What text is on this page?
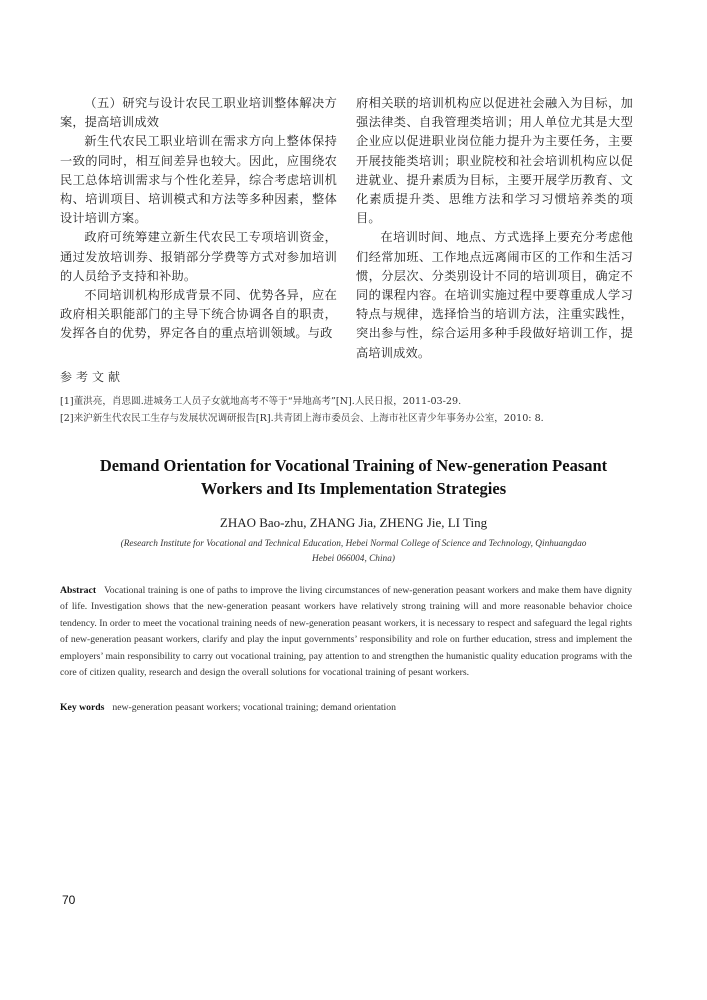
（五）研究与设计农民工职业培训整体解决方案，提高培训成效

新生代农民工职业培训在需求方向上整体保持一致的同时，相互间差异也较大。因此，应围绕农民工总体培训需求与个性化差异，综合考虑培训机构、培训项目、培训模式和方法等多种因素，整体设计培训方案。

政府可统筹建立新生代农民工专项培训资金，通过发放培训券、报销部分学费等方式对参加培训的人员给予支持和补助。

不同培训机构形成背景不同、优势各异，应在政府相关职能部门的主导下统合协调各自的职责，发挥各自的优势，界定各自的重点培训领域。与政

府相关联的培训机构应以促进社会融入为目标，加强法律类、自我管理类培训；用人单位尤其是大型企业应以促进职业岗位能力提升为主要任务，主要开展技能类培训；职业院校和社会培训机构应以促进就业、提升素质为目标，主要开展学历教育、文化素质提升类、思维方法和学习习惯培养类的项目。

在培训时间、地点、方式选择上要充分考虑他们经常加班、工作地点远离闹市区的工作和生活习惯，分层次、分类别设计不同的培训项目，确定不同的课程内容。在培训实施过程中要尊重成人学习特点与规律，选择恰当的培训方法，注重实践性，突出参与性，综合运用多种手段做好培训工作，提高培训成效。

参考文献
[1]董洪亮，肖思圆.进城务工人员子女就地高考不等于“异地高考”[N].人民日报，2011-03-29.
[2]来沪新生代农民工生存与发展状况调研报告[R].共青团上海市委员会、上海市社区青少年事务办公室，2010: 8.
Demand Orientation for Vocational Training of New-generation Peasant
Workers and Its Implementation Strategies
ZHAO Bao-zhu, ZHANG Jia, ZHENG Jie, LI Ting
(Research Institute for Vocational and Technical Education, Hebei Normal College of Science and Technology, Qinhuangdao
Hebei 066004, China)
Abstract Vocational training is one of paths to improve the living circumstances of new-generation peasant workers and make them have dignity of life. Investigation shows that the new-generation peasant workers have relatively strong training will and more reasonable behavior choice tendency. In order to meet the vocational training needs of new-generation peasant workers, it is necessary to respect and safeguard the legal rights of new-generation peasant workers, clarify and play the input governments’ responsibility and role on further education, stress and implement the employers’ main responsibility to carry out vocational training, pay attention to and strengthen the humanistic quality education programs with the core of citizen quality, research and design the overall solutions for vocational training of pesant workers.
Key words new-generation peasant workers; vocational training; demand orientation
70
